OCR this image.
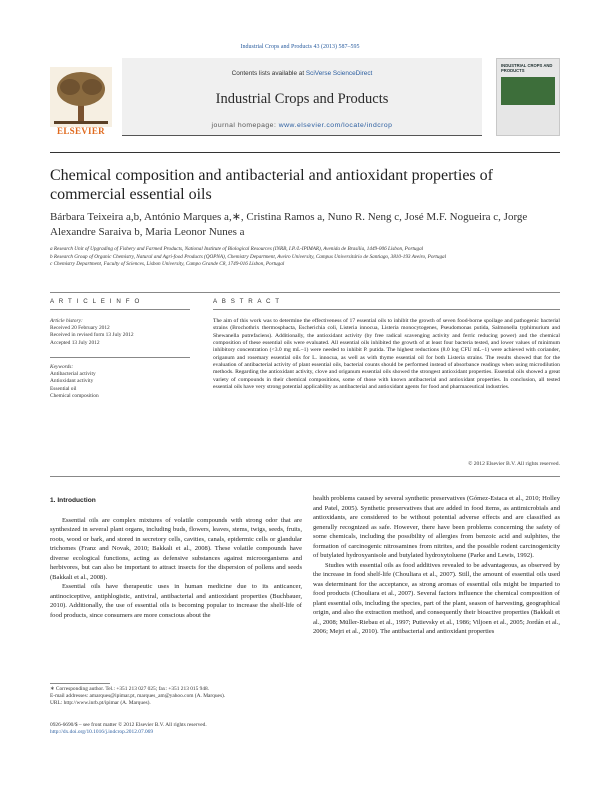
Industrial Crops and Products 43 (2013) 587–595
ELSEVIER
Contents lists available at SciVerse ScienceDirect
Industrial Crops and Products
journal homepage: www.elsevier.com/locate/indcrop
INDUSTRIAL CROPS AND PRODUCTS
Chemical composition and antibacterial and antioxidant properties of commercial essential oils
Bárbara Teixeira a,b, António Marques a,∗, Cristina Ramos a, Nuno R. Neng c, José M.F. Nogueira c, Jorge Alexandre Saraiva b, Maria Leonor Nunes a
a Research Unit of Upgrading of Fishery and Farmed Products, National Institute of Biological Resources (INRB, I.P./L-IPIMAR), Avenida de Brasília, 1449-006 Lisbon, Portugal
b Research Group of Organic Chemistry, Natural and Agri-food Products (QOPNA), Chemistry Department, Aveiro University, Campus Universitário de Santiago, 3810-193 Aveiro, Portugal
c Chemistry Department, Faculty of Sciences, Lisbon University, Campo Grande C8, 1749-016 Lisbon, Portugal
A R T I C L E I N F O
Article history:
Received 20 February 2012
Received in revised form 13 July 2012
Accepted 13 July 2012
Keywords:
Antibacterial activity
Antioxidant activity
Essential oil
Chemical composition
A B S T R A C T
The aim of this work was to determine the effectiveness of 17 essential oils to inhibit the growth of seven food-borne spoilage and pathogenic bacterial strains (Brochothrix thermosphacta, Escherichia coli, Listeria innocua, Listeria monocytogenes, Pseudomonas putida, Salmonella typhimurium and Shewanella putrefaciens). Additionally, the antioxidant activity (by free radical scavenging activity and ferric reducing power) and the chemical composition of these essential oils were evaluated. All essential oils inhibited the growth of at least four bacteria tested, and lower values of minimum inhibitory concentration (<3.0 mg mL−1) were needed to inhibit P. putida. The highest reductions (8.0 log CFU mL−1) were achieved with coriander, origanum and rosemary essential oils for L. innocua, as well as with thyme essential oil for both Listeria strains. The results showed that for the evaluation of antibacterial activity of plant essential oils, bacterial counts should be performed instead of absorbance readings when using microdilution methods. Regarding the antioxidant activity, clove and origanum essential oils showed the strongest antioxidant properties. Essential oils showed a great variety of compounds in their chemical compositions, some of those with known antibacterial and antioxidant properties. In conclusion, all tested essential oils have very strong potential applicability as antibacterial and antioxidant agents for food and pharmaceutical industries.
© 2012 Elsevier B.V. All rights reserved.
1. Introduction

Essential oils are complex mixtures of volatile compounds with strong odor that are synthesized in several plant organs, including buds, flowers, leaves, stems, twigs, seeds, fruits, roots, wood or bark, and stored in secretory cells, cavities, canals, epidermic cells or glandular trichomes (Franz and Novak, 2010; Bakkali et al., 2008). These volatile compounds have diverse ecological functions, acting as defensive substances against microorganisms and herbivores, but can also be important to attract insects for the dispersion of pollens and seeds (Bakkali et al., 2008).

Essential oils have therapeutic uses in human medicine due to its anticancer, antinociceptive, antiphlogistic, antiviral, antibacterial and antioxidant properties (Buchbauer, 2010). Additionally, the use of essential oils is becoming popular to increase the shelf-life of food products, since consumers are more conscious about the

health problems caused by several synthetic preservatives (Gómez-Estaca et al., 2010; Holley and Patel, 2005). Synthetic preservatives that are added in food items, as antimicrobials and antioxidants, are considered to be without potential adverse effects and are classified as generally recognized as safe. However, there have been problems concerning the safety of some chemicals, including the possibility of allergies from benzoic acid and sulphites, the formation of carcinogenic nitrosamines from nitrites, and the possible rodent carcinogenicity of butylated hydroxyanisole and butylated hydroxytoluene (Parke and Lewis, 1992).

Studies with essential oils as food additives revealed to be advantageous, as observed by the increase in food shelf-life (Chouliara et al., 2007). Still, the amount of essential oils used was determinant for the acceptance, as strong aromas of essential oils might be imparted to food products (Chouliara et al., 2007). Several factors influence the chemical composition of plant essential oils, including the species, part of the plant, season of harvesting, geographical origin, and also the extraction method, and consequently their bioactive properties (Bakkali et al., 2008; Müller-Riebau et al., 1997; Putievsky et al., 1986; Viljoen et al., 2005; Jordán et al., 2006; Mejri et al., 2010). The antibacterial and antioxidant properties

∗ Corresponding author. Tel.: +351 213 027 025; fax: +351 213 015 948.
E-mail addresses: amarques@ipimar.pt, marques_am@yahoo.com (A. Marques).
URL: http://www.inrb.pt/ipimar (A. Marques).
0926-6690/$ – see front matter © 2012 Elsevier B.V. All rights reserved.
http://dx.doi.org/10.1016/j.indcrop.2012.07.069
